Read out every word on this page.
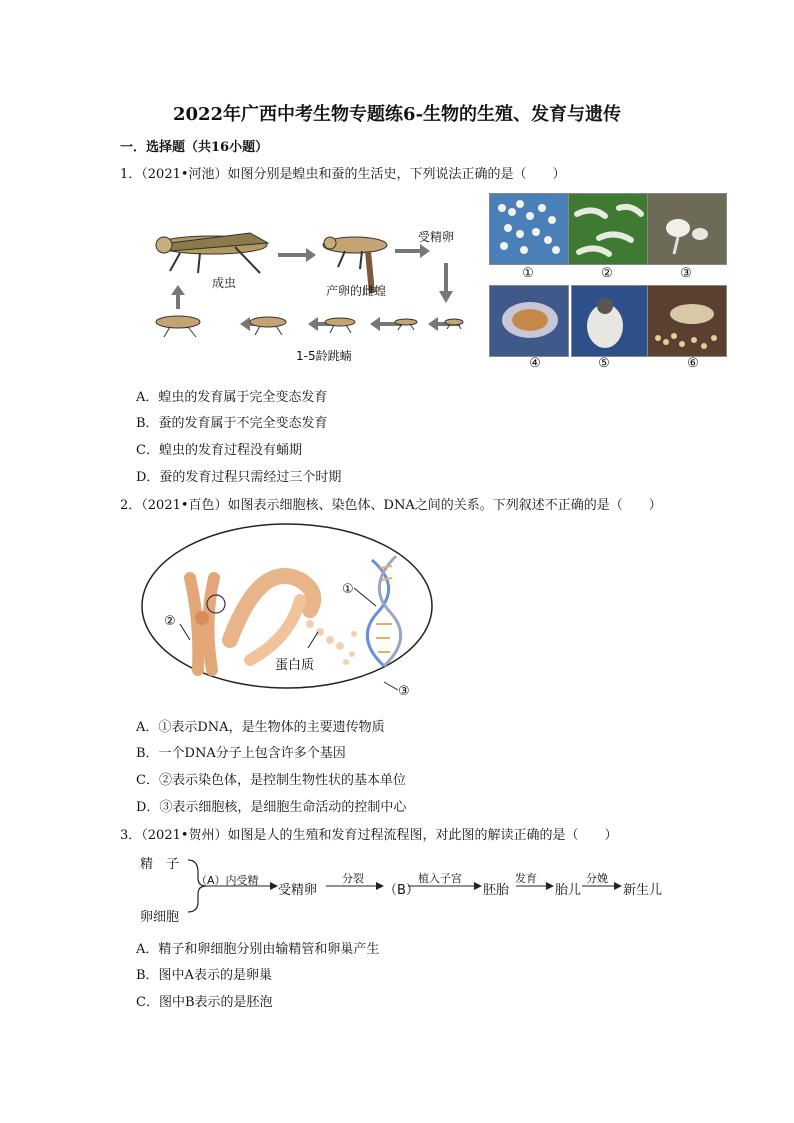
2022年广西中考生物专题练6-生物的生殖、发育与遗传
一．选择题（共16小题）
1．（2021•河池）如图分别是蝗虫和蚕的生活史，下列说法正确的是（　　）
成虫
产卵的雌蝗
受精卵
1-5龄跳蝻
①	②	③
④	⑤	⑥
A．蝗虫的发育属于完全变态发育
B．蚕的发育属于不完全变态发育
C．蝗虫的发育过程没有蛹期
D．蚕的发育过程只需经过三个时期
2．（2021•百色）如图表示细胞核、染色体、DNA之间的关系。下列叙述不正确的是（　　）
①
②
③
蛋白质
A．①表示DNA，是生物体的主要遗传物质
B．一个DNA分子上包含许多个基因
C．②表示染色体，是控制生物性状的基本单位
D．③表示细胞核，是细胞生命活动的控制中心
3．（2021•贺州）如图是人的生殖和发育过程流程图，对此图的解读正确的是（　　）
精　子
卵细胞
（A）内受精
受精卵
分裂
（B）
植入子宫
胚胎
发育
胎儿
分娩
新生儿
A．精子和卵细胞分别由输精管和卵巢产生
B．图中A表示的是卵巢
C．图中B表示的是胚泡
